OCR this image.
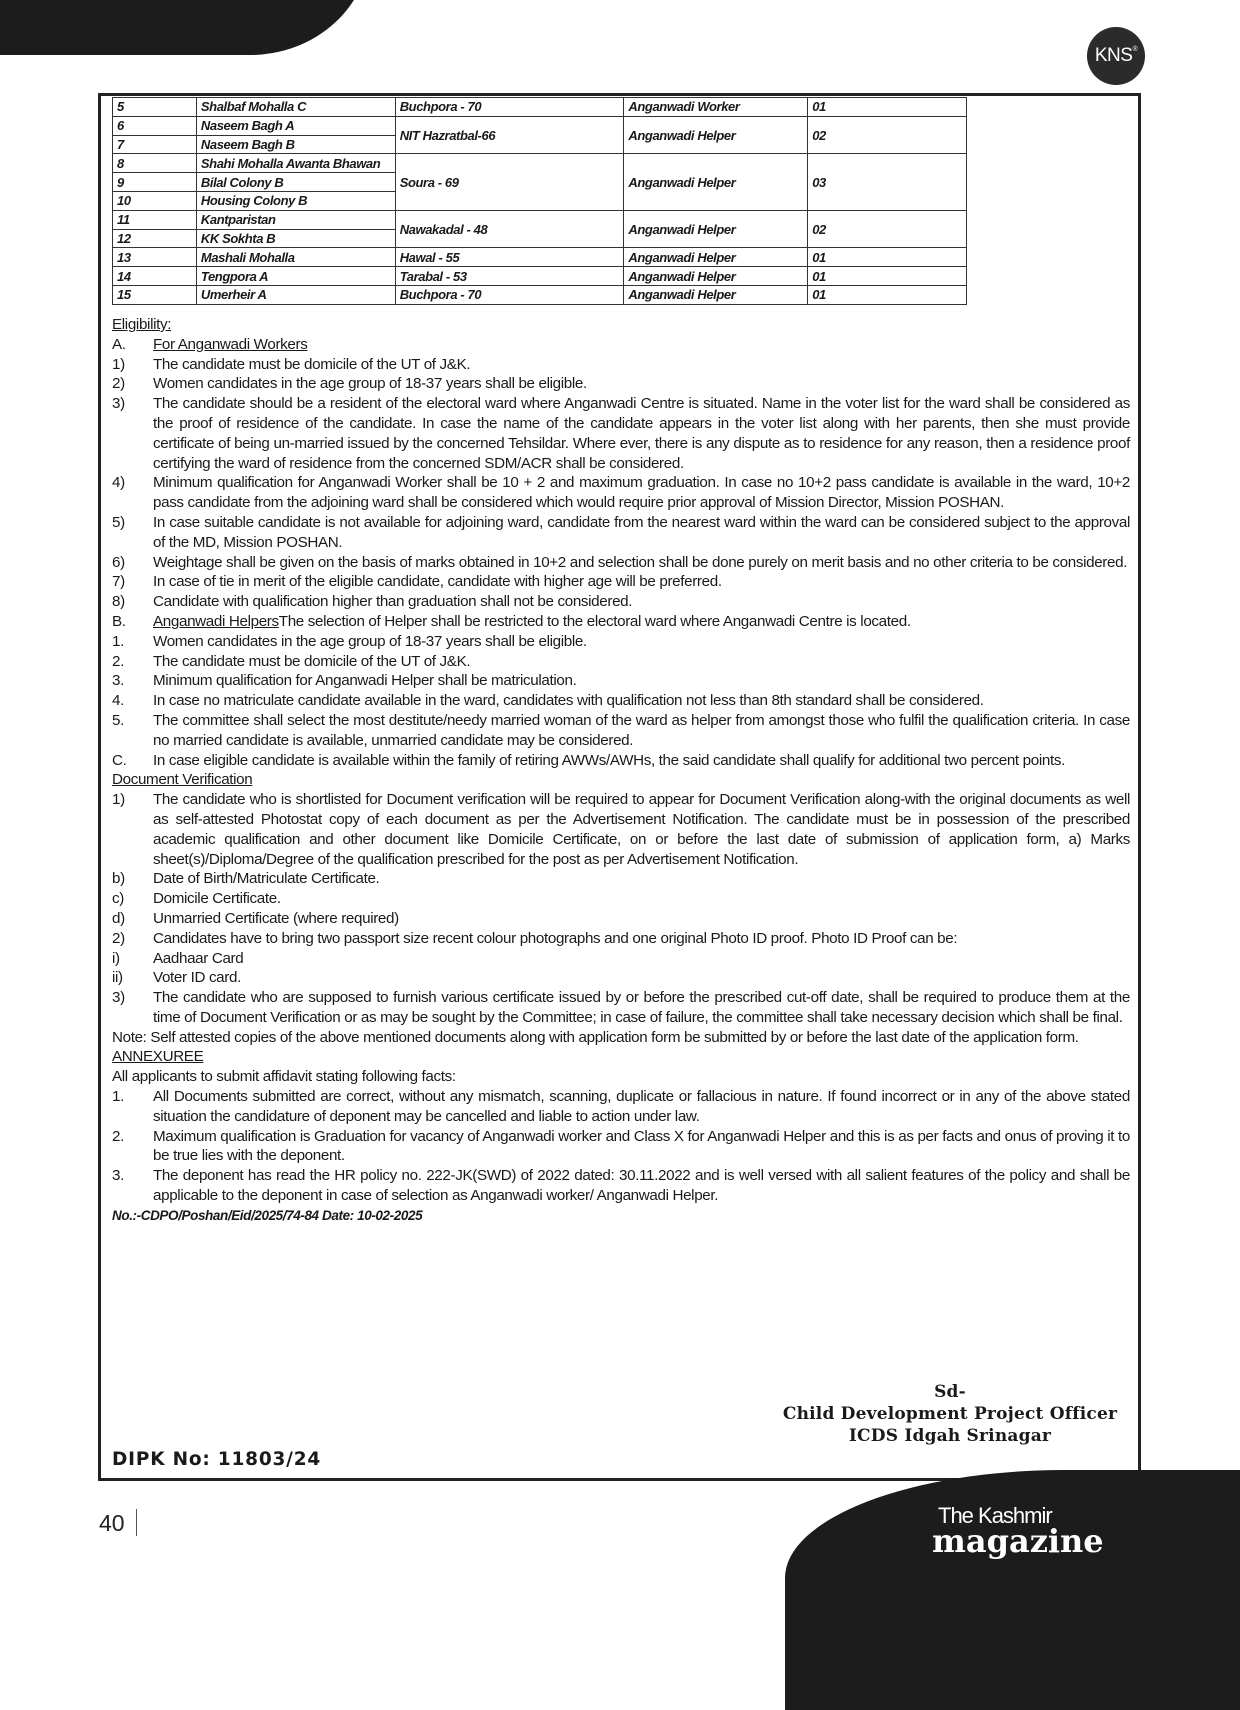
KNS®
5	Shalbaf Mohalla C	Buchpora - 70	Anganwadi Worker	01
6	Naseem Bagh A	NIT Hazratbal-66	Anganwadi Helper	02
7	Naseem Bagh B			
8	Shahi Mohalla Awanta Bhawan	Soura - 69	Anganwadi Helper	03
9	Bilal Colony B			
10	Housing Colony B			
11	Kantparistan	Nawakadal - 48	Anganwadi Helper	02
12	KK Sokhta B			
13	Mashali Mohalla	Hawal - 55	Anganwadi Helper	01
14	Tengpora A	Tarabal - 53	Anganwadi Helper	01
15	Umerheir A	Buchpora - 70	Anganwadi Helper	01
Eligibility:
A.	For Anganwadi Workers
1)	The candidate must be domicile of the UT of J&K.
2)	Women candidates in the age group of 18-37 years shall be eligible.
3)	The candidate should be a resident of the electoral ward where Anganwadi Centre is situated. Name in the voter list for the ward shall be considered as the proof of residence of the candidate. In case the name of the candidate appears in the voter list along with her parents, then she must provide certificate of being un-married issued by the concerned Tehsildar. Where ever, there is any dispute as to residence for any reason, then a residence proof certifying the ward of residence from the concerned SDM/ACR shall be considered.
4)	Minimum qualification for Anganwadi Worker shall be 10 + 2 and maximum graduation. In case no 10+2 pass candidate is available in the ward, 10+2 pass candidate from the adjoining ward shall be considered which would require prior approval of Mission Director, Mission POSHAN.
5)	In case suitable candidate is not available for adjoining ward, candidate from the nearest ward within the ward can be considered subject to the approval of the MD, Mission POSHAN.
6)	Weightage shall be given on the basis of marks obtained in 10+2 and selection shall be done purely on merit basis and no other criteria to be considered.
7)	In case of tie in merit of the eligible candidate, candidate with higher age will be preferred.
8)	Candidate with qualification higher than graduation shall not be considered.
B.	Anganwadi HelpersThe selection of Helper shall be restricted to the electoral ward where Anganwadi Centre is located.
1.	Women candidates in the age group of 18-37 years shall be eligible.
2.	The candidate must be domicile of the UT of J&K.
3.	Minimum qualification for Anganwadi Helper shall be matriculation.
4.	In case no matriculate candidate available in the ward, candidates with qualification not less than 8th standard shall be considered.
5.	The committee shall select the most destitute/needy married woman of the ward as helper from amongst those who fulfil the qualification criteria. In case no married candidate is available, unmarried candidate may be considered.
C.	In case eligible candidate is available within the family of retiring AWWs/AWHs, the said candidate shall qualify for additional two percent points.
Document Verification
1)	The candidate who is shortlisted for Document verification will be required to appear for Document Verification along-with the original documents as well as self-attested Photostat copy of each document as per the Advertisement Notification. The candidate must be in possession of the prescribed academic qualification and other document like Domicile Certificate, on or before the last date of submission of application form, a) Marks sheet(s)/Diploma/Degree of the qualification prescribed for the post as per Advertisement Notification.
b)	Date of Birth/Matriculate Certificate.
c)	Domicile Certificate.
d)	Unmarried Certificate (where required)
2)	Candidates have to bring two passport size recent colour photographs and one original Photo ID proof. Photo ID Proof can be:
i)	Aadhaar Card
ii)	Voter ID card.
3)	The candidate who are supposed to furnish various certificate issued by or before the prescribed cut-off date, shall be required to produce them at the time of Document Verification or as may be sought by the Committee; in case of failure, the committee shall take necessary decision which shall be final.
Note: Self attested copies of the above mentioned documents along with application form be submitted by or before the last date of the application form.
ANNEXUREE
All applicants to submit affidavit stating following facts:
1.	All Documents submitted are correct, without any mismatch, scanning, duplicate or fallacious in nature. If found incorrect or in any of the above stated situation the candidature of deponent may be cancelled and liable to action under law.
2.	Maximum qualification is Graduation for vacancy of Anganwadi worker and Class X for Anganwadi Helper and this is as per facts and onus of proving it to be true lies with the deponent.
3.	The deponent has read the HR policy no. 222-JK(SWD) of 2022 dated: 30.11.2022 and is well versed with all salient features of the policy and shall be applicable to the deponent in case of selection as Anganwadi worker/ Anganwadi Helper.
No.:-CDPO/Poshan/Eid/2025/74-84 Date: 10-02-2025
Sd-
Child Development Project Officer
ICDS Idgah Srinagar
DIPK No: 11803/24
40	The Kashmir
magazine
